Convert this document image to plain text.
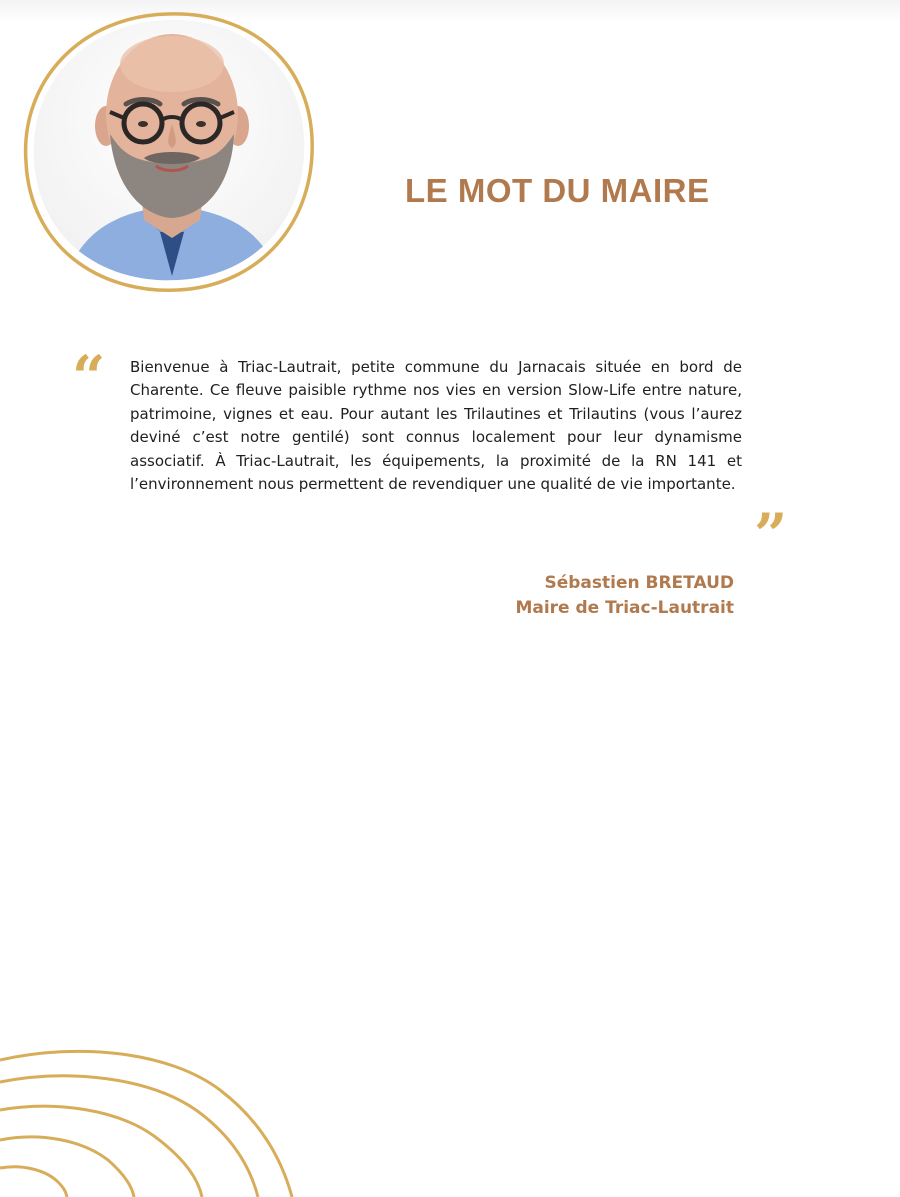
LE MOT DU MAIRE
“ Bienvenue à Triac-Lautrait, petite commune du Jarnacais située en bord de Charente. Ce fleuve paisible rythme nos vies en version Slow-Life entre nature, patrimoine, vignes et eau. Pour autant les Trilautines et Trilautins (vous l’aurez deviné c’est notre gentilé) sont connus localement pour leur dynamisme associatif. À Triac-Lautrait, les équipements, la proximité de la RN 141 et l’environnement nous permettent de revendiquer une qualité de vie importante.

”
Sébastien BRETAUD
Maire de Triac-Lautrait
